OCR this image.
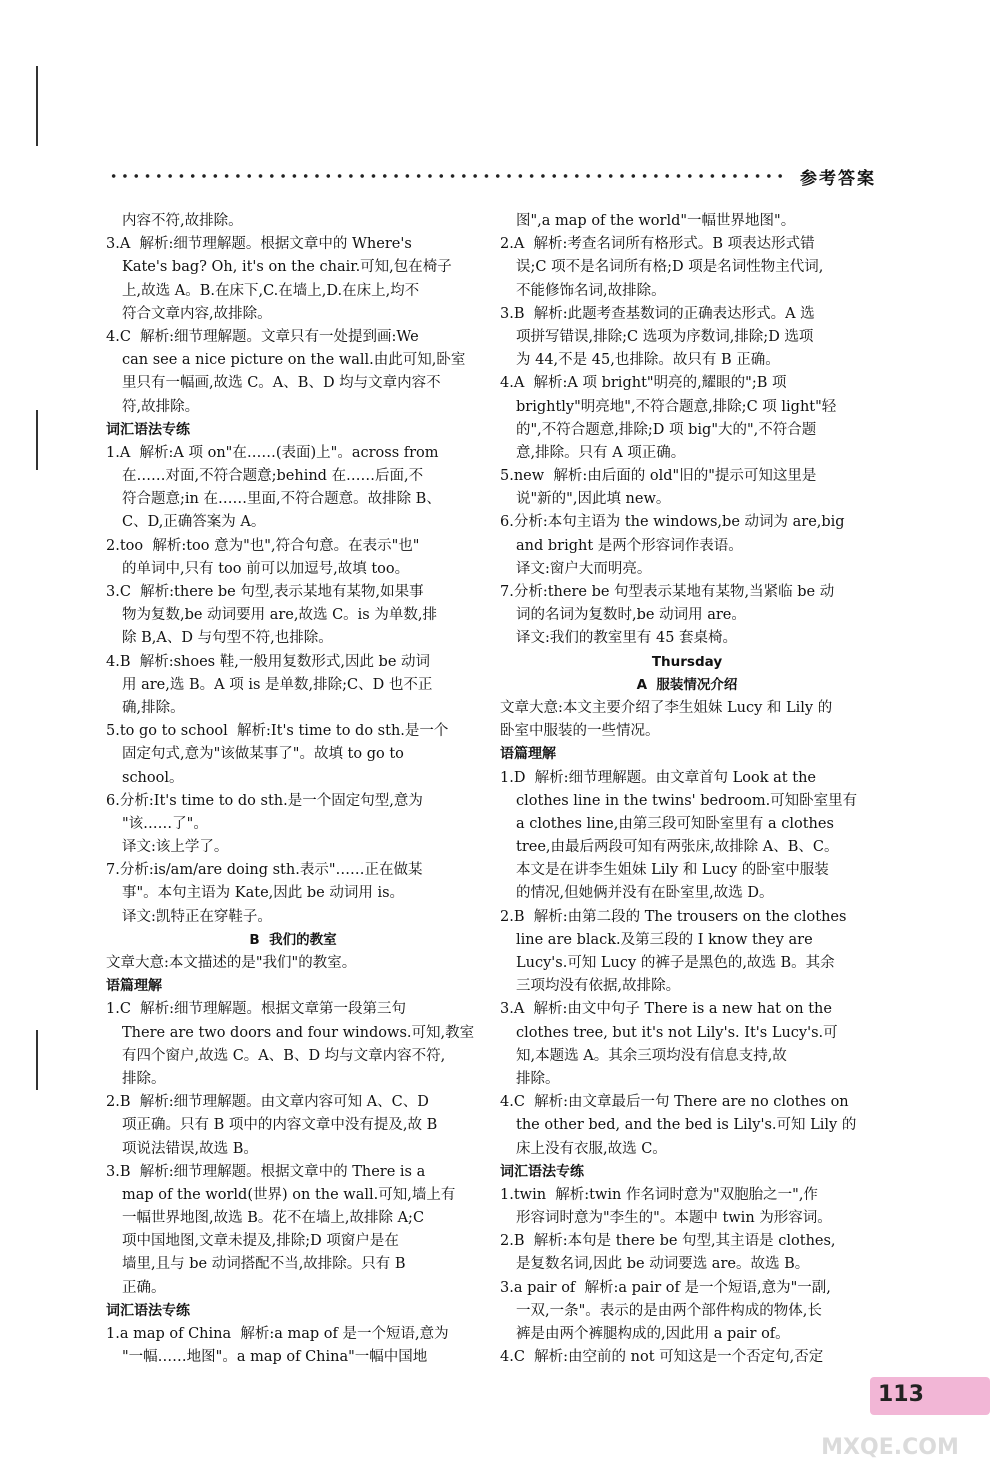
参考答案
内容不符,故排除。
3.A  解析:细节理解题。根据文章中的 Where's
Kate's bag? Oh, it's on the chair.可知,包在椅子
上,故选 A。B.在床下,C.在墙上,D.在床上,均不
符合文章内容,故排除。
4.C  解析:细节理解题。文章只有一处提到画:We
can see a nice picture on the wall.由此可知,卧室
里只有一幅画,故选 C。A、B、D 均与文章内容不
符,故排除。
词汇语法专练
1.A  解析:A 项 on"在……(表面)上"。across from
在……对面,不符合题意;behind 在……后面,不
符合题意;in 在……里面,不符合题意。故排除 B、
C、D,正确答案为 A。
2.too  解析:too 意为"也",符合句意。在表示"也"
的单词中,只有 too 前可以加逗号,故填 too。
3.C  解析:there be 句型,表示某地有某物,如果事
物为复数,be 动词要用 are,故选 C。is 为单数,排
除 B,A、D 与句型不符,也排除。
4.B  解析:shoes 鞋,一般用复数形式,因此 be 动词
用 are,选 B。A 项 is 是单数,排除;C、D 也不正
确,排除。
5.to go to school  解析:It's time to do sth.是一个
固定句式,意为"该做某事了"。故填 to go to
school。
6.分析:It's time to do sth.是一个固定句型,意为
"该……了"。
译文:该上学了。
7.分析:is/am/are doing sth.表示"……正在做某
事"。本句主语为 Kate,因此 be 动词用 is。
译文:凯特正在穿鞋子。
B  我们的教室
文章大意:本文描述的是"我们"的教室。
语篇理解
1.C  解析:细节理解题。根据文章第一段第三句
There are two doors and four windows.可知,教室
有四个窗户,故选 C。A、B、D 均与文章内容不符,
排除。
2.B  解析:细节理解题。由文章内容可知 A、C、D
项正确。只有 B 项中的内容文章中没有提及,故 B
项说法错误,故选 B。
3.B  解析:细节理解题。根据文章中的 There is a
map of the world(世界) on the wall.可知,墙上有
一幅世界地图,故选 B。花不在墙上,故排除 A;C
项中国地图,文章未提及,排除;D 项窗户是在
墙里,且与 be 动词搭配不当,故排除。只有 B
正确。
词汇语法专练
1.a map of China  解析:a map of 是一个短语,意为
"一幅……地图"。a map of China"一幅中国地
图",a map of the world"一幅世界地图"。
2.A  解析:考查名词所有格形式。B 项表达形式错
误;C 项不是名词所有格;D 项是名词性物主代词,
不能修饰名词,故排除。
3.B  解析:此题考查基数词的正确表达形式。A 选
项拼写错误,排除;C 选项为序数词,排除;D 选项
为 44,不是 45,也排除。故只有 B 正确。
4.A  解析:A 项 bright"明亮的,耀眼的";B 项
brightly"明亮地",不符合题意,排除;C 项 light"轻
的",不符合题意,排除;D 项 big"大的",不符合题
意,排除。只有 A 项正确。
5.new  解析:由后面的 old"旧的"提示可知这里是
说"新的",因此填 new。
6.分析:本句主语为 the windows,be 动词为 are,big
and bright 是两个形容词作表语。
译文:窗户大而明亮。
7.分析:there be 句型表示某地有某物,当紧临 be 动
词的名词为复数时,be 动词用 are。
译文:我们的教室里有 45 套桌椅。
Thursday
A  服装情况介绍
文章大意:本文主要介绍了李生姐妹 Lucy 和 Lily 的
卧室中服装的一些情况。
语篇理解
1.D  解析:细节理解题。由文章首句 Look at the
clothes line in the twins' bedroom.可知卧室里有
a clothes line,由第三段可知卧室里有 a clothes
tree,由最后两段可知有两张床,故排除 A、B、C。
本文是在讲李生姐妹 Lily 和 Lucy 的卧室中服装
的情况,但她俩并没有在卧室里,故选 D。
2.B  解析:由第二段的 The trousers on the clothes
line are black.及第三段的 I know they are
Lucy's.可知 Lucy 的裤子是黑色的,故选 B。其余
三项均没有依据,故排除。
3.A  解析:由文中句子 There is a new hat on the
clothes tree, but it's not Lily's. It's Lucy's.可
知,本题选 A。其余三项均没有信息支持,故
排除。
4.C  解析:由文章最后一句 There are no clothes on
the other bed, and the bed is Lily's.可知 Lily 的
床上没有衣服,故选 C。
词汇语法专练
1.twin  解析:twin 作名词时意为"双胞胎之一",作
形容词时意为"李生的"。本题中 twin 为形容词。
2.B  解析:本句是 there be 句型,其主语是 clothes,
是复数名词,因此 be 动词要选 are。故选 B。
3.a pair of  解析:a pair of 是一个短语,意为"一副,
一双,一条"。表示的是由两个部件构成的物体,长
裤是由两个裤腿构成的,因此用 a pair of。
4.C  解析:由空前的 not 可知这是一个否定句,否定
113
MXQE.COM
